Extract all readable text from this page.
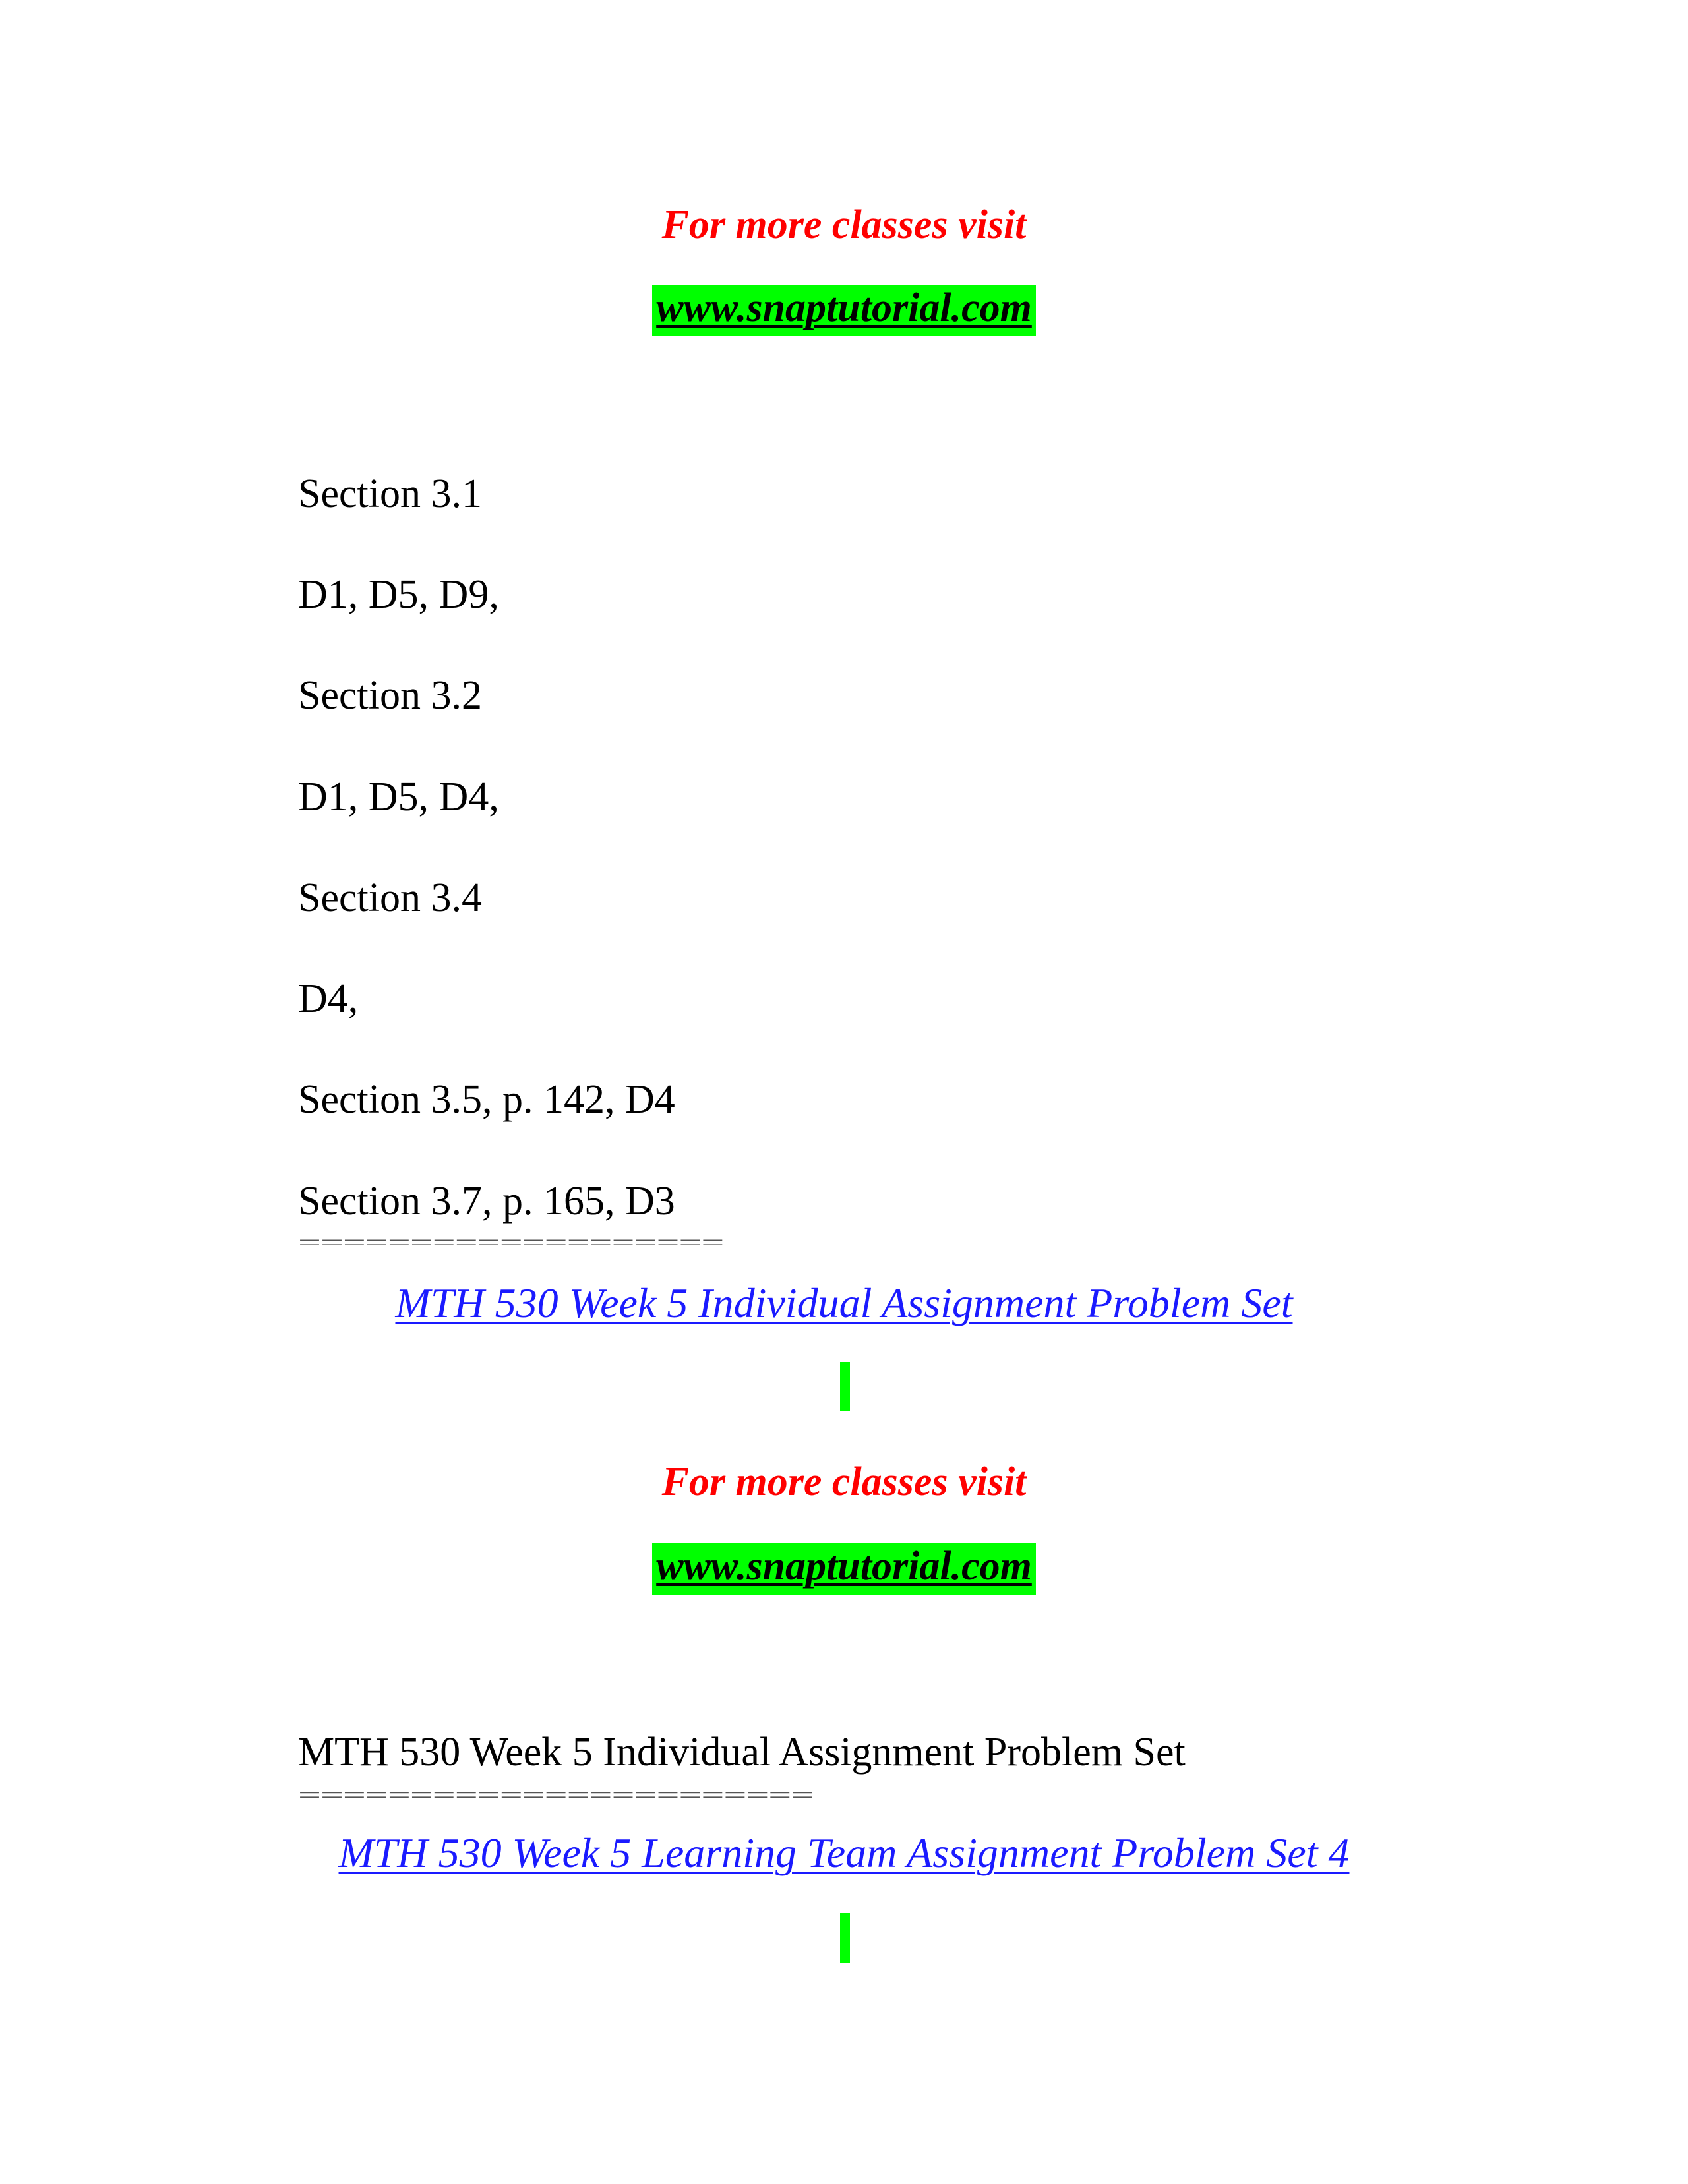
For more classes visit
www.snaptutorial.com
Section 3.1
D1, D5, D9,
Section 3.2
D1, D5, D4,
Section 3.4
D4,
Section 3.5, p. 142, D4
Section 3.7, p. 165, D3
===================
MTH 530 Week 5 Individual Assignment Problem Set
For more classes visit
www.snaptutorial.com
MTH 530 Week 5 Individual Assignment Problem Set
=======================
MTH 530 Week 5 Learning Team Assignment Problem Set 4
